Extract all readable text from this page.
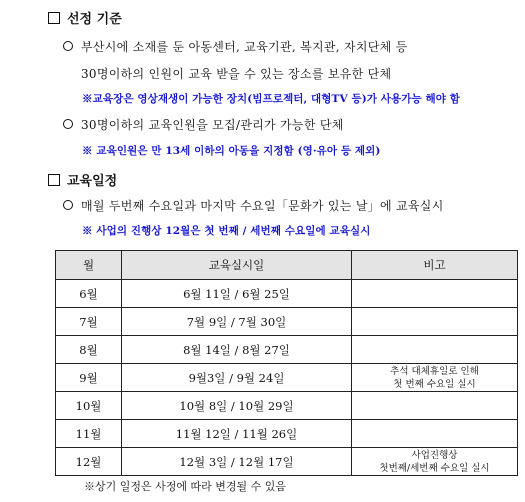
선정 기준
부산시에 소재를 둔 아동센터, 교육기관, 복지관, 자치단체 등
30명이하의 인원이 교육 받을 수 있는 장소를 보유한 단체
※교육장은 영상재생이 가능한 장치(빔프로젝터, 대형TV 등)가 사용가능 해야 함
30명이하의 교육인원을 모집/관리가 가능한 단체
※ 교육인원은 만 13세 이하의 아동을 지정함 (영·유아 등 제외)
교육일정
매월 두번째 수요일과 마지막 수요일「문화가 있는 날」에 교육실시
※ 사업의 진행상 12월은 첫 번째 / 세번째 수요일에 교육실시
월	교육실시일	비고
6월	6월 11일 / 6월 25일	
7월	7월 9일 / 7월 30일	
8월	8월 14일 / 8월 27일	
9월	9월3일 / 9월 24일	추석 대체휴일로 인해
첫 번째 수요일 실시

10월	10월 8일 / 10월 29일	
11월	11월 12일 / 11월 26일	
12월	12월 3일 / 12월 17일	사업진행상
첫번째/세번째 수요일 실시
※상기 일정은 사정에 따라 변경될 수 있음
